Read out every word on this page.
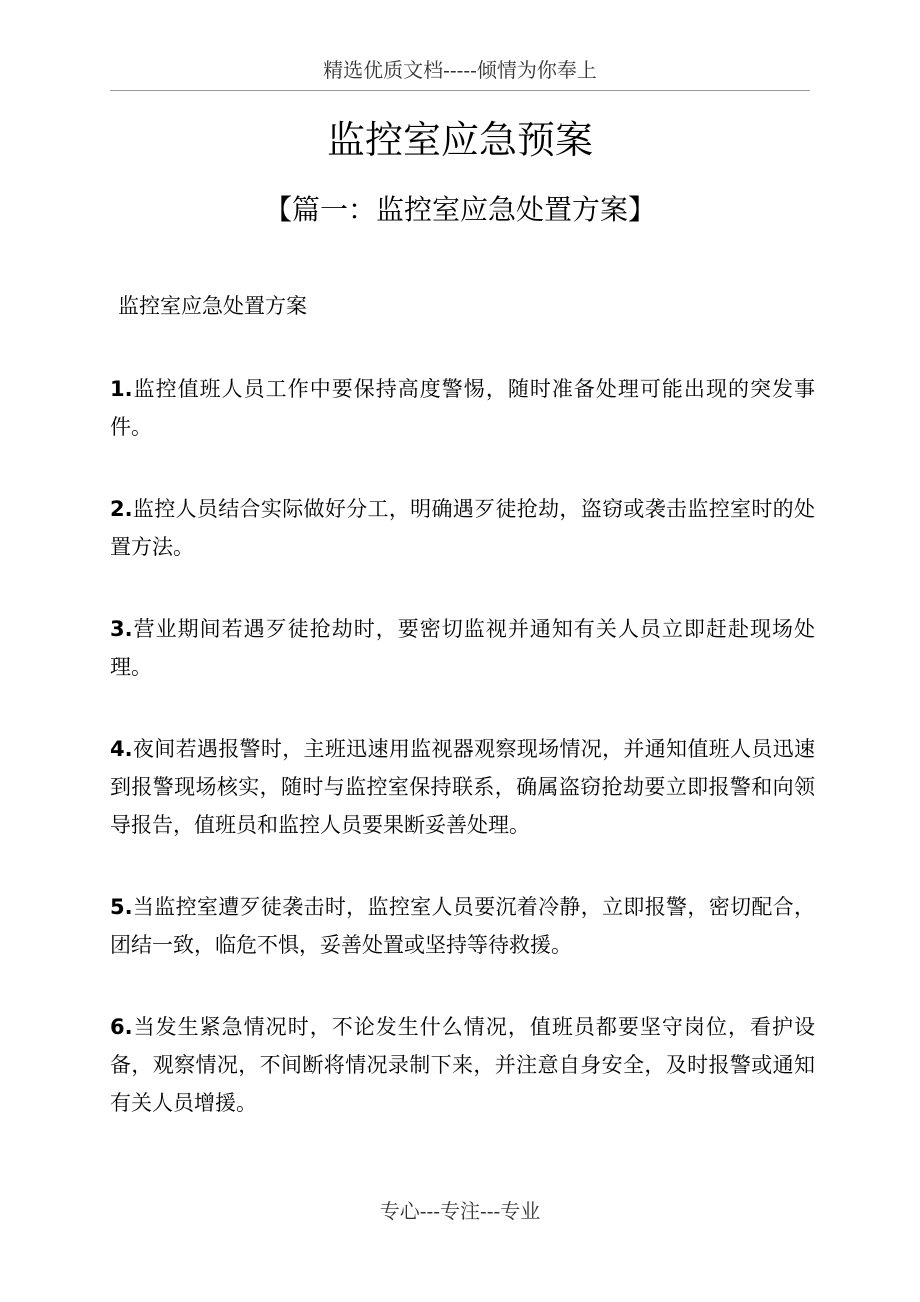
精选优质文档-----倾情为你奉上
监控室应急预案
【篇一：监控室应急处置方案】
监控室应急处置方案
1.监控值班人员工作中要保持高度警惕，随时准备处理可能出现的突发事件。
2.监控人员结合实际做好分工，明确遇歹徒抢劫，盗窃或袭击监控室时的处置方法。
3.营业期间若遇歹徒抢劫时，要密切监视并通知有关人员立即赶赴现场处理。
4.夜间若遇报警时，主班迅速用监视器观察现场情况，并通知值班人员迅速到报警现场核实，随时与监控室保持联系，确属盗窃抢劫要立即报警和向领导报告，值班员和监控人员要果断妥善处理。
5.当监控室遭歹徒袭击时，监控室人员要沉着冷静，立即报警，密切配合，团结一致，临危不惧，妥善处置或坚持等待救援。
6.当发生紧急情况时，不论发生什么情况，值班员都要坚守岗位，看护设备，观察情况，不间断将情况录制下来，并注意自身安全，及时报警或通知有关人员增援。
专心---专注---专业
